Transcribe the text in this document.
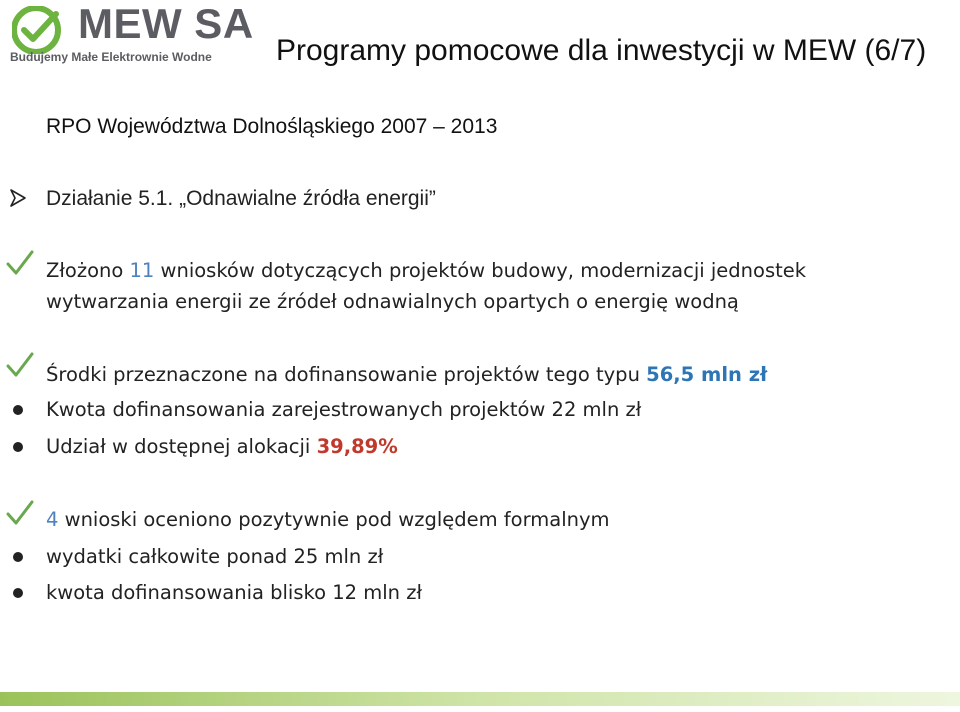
MEW SA
Budujemy Małe Elektrownie Wodne Programy pomocowe dla inwestycji w MEW (6/7)
RPO Województwa Dolnośląskiego 2007 – 2013
Działanie 5.1. „Odnawialne źródła energii”
Złożono 11 wniosków dotyczących projektów budowy, modernizacji jednostek
wytwarzania energii ze źródeł odnawialnych opartych o energię wodną
Środki przeznaczone na dofinansowanie projektów tego typu 56,5 mln zł
Kwota dofinansowania zarejestrowanych projektów 22 mln zł
Udział w dostępnej alokacji 39,89%
4 wnioski oceniono pozytywnie pod względem formalnym
wydatki całkowite ponad 25 mln zł
kwota dofinansowania blisko 12 mln zł
